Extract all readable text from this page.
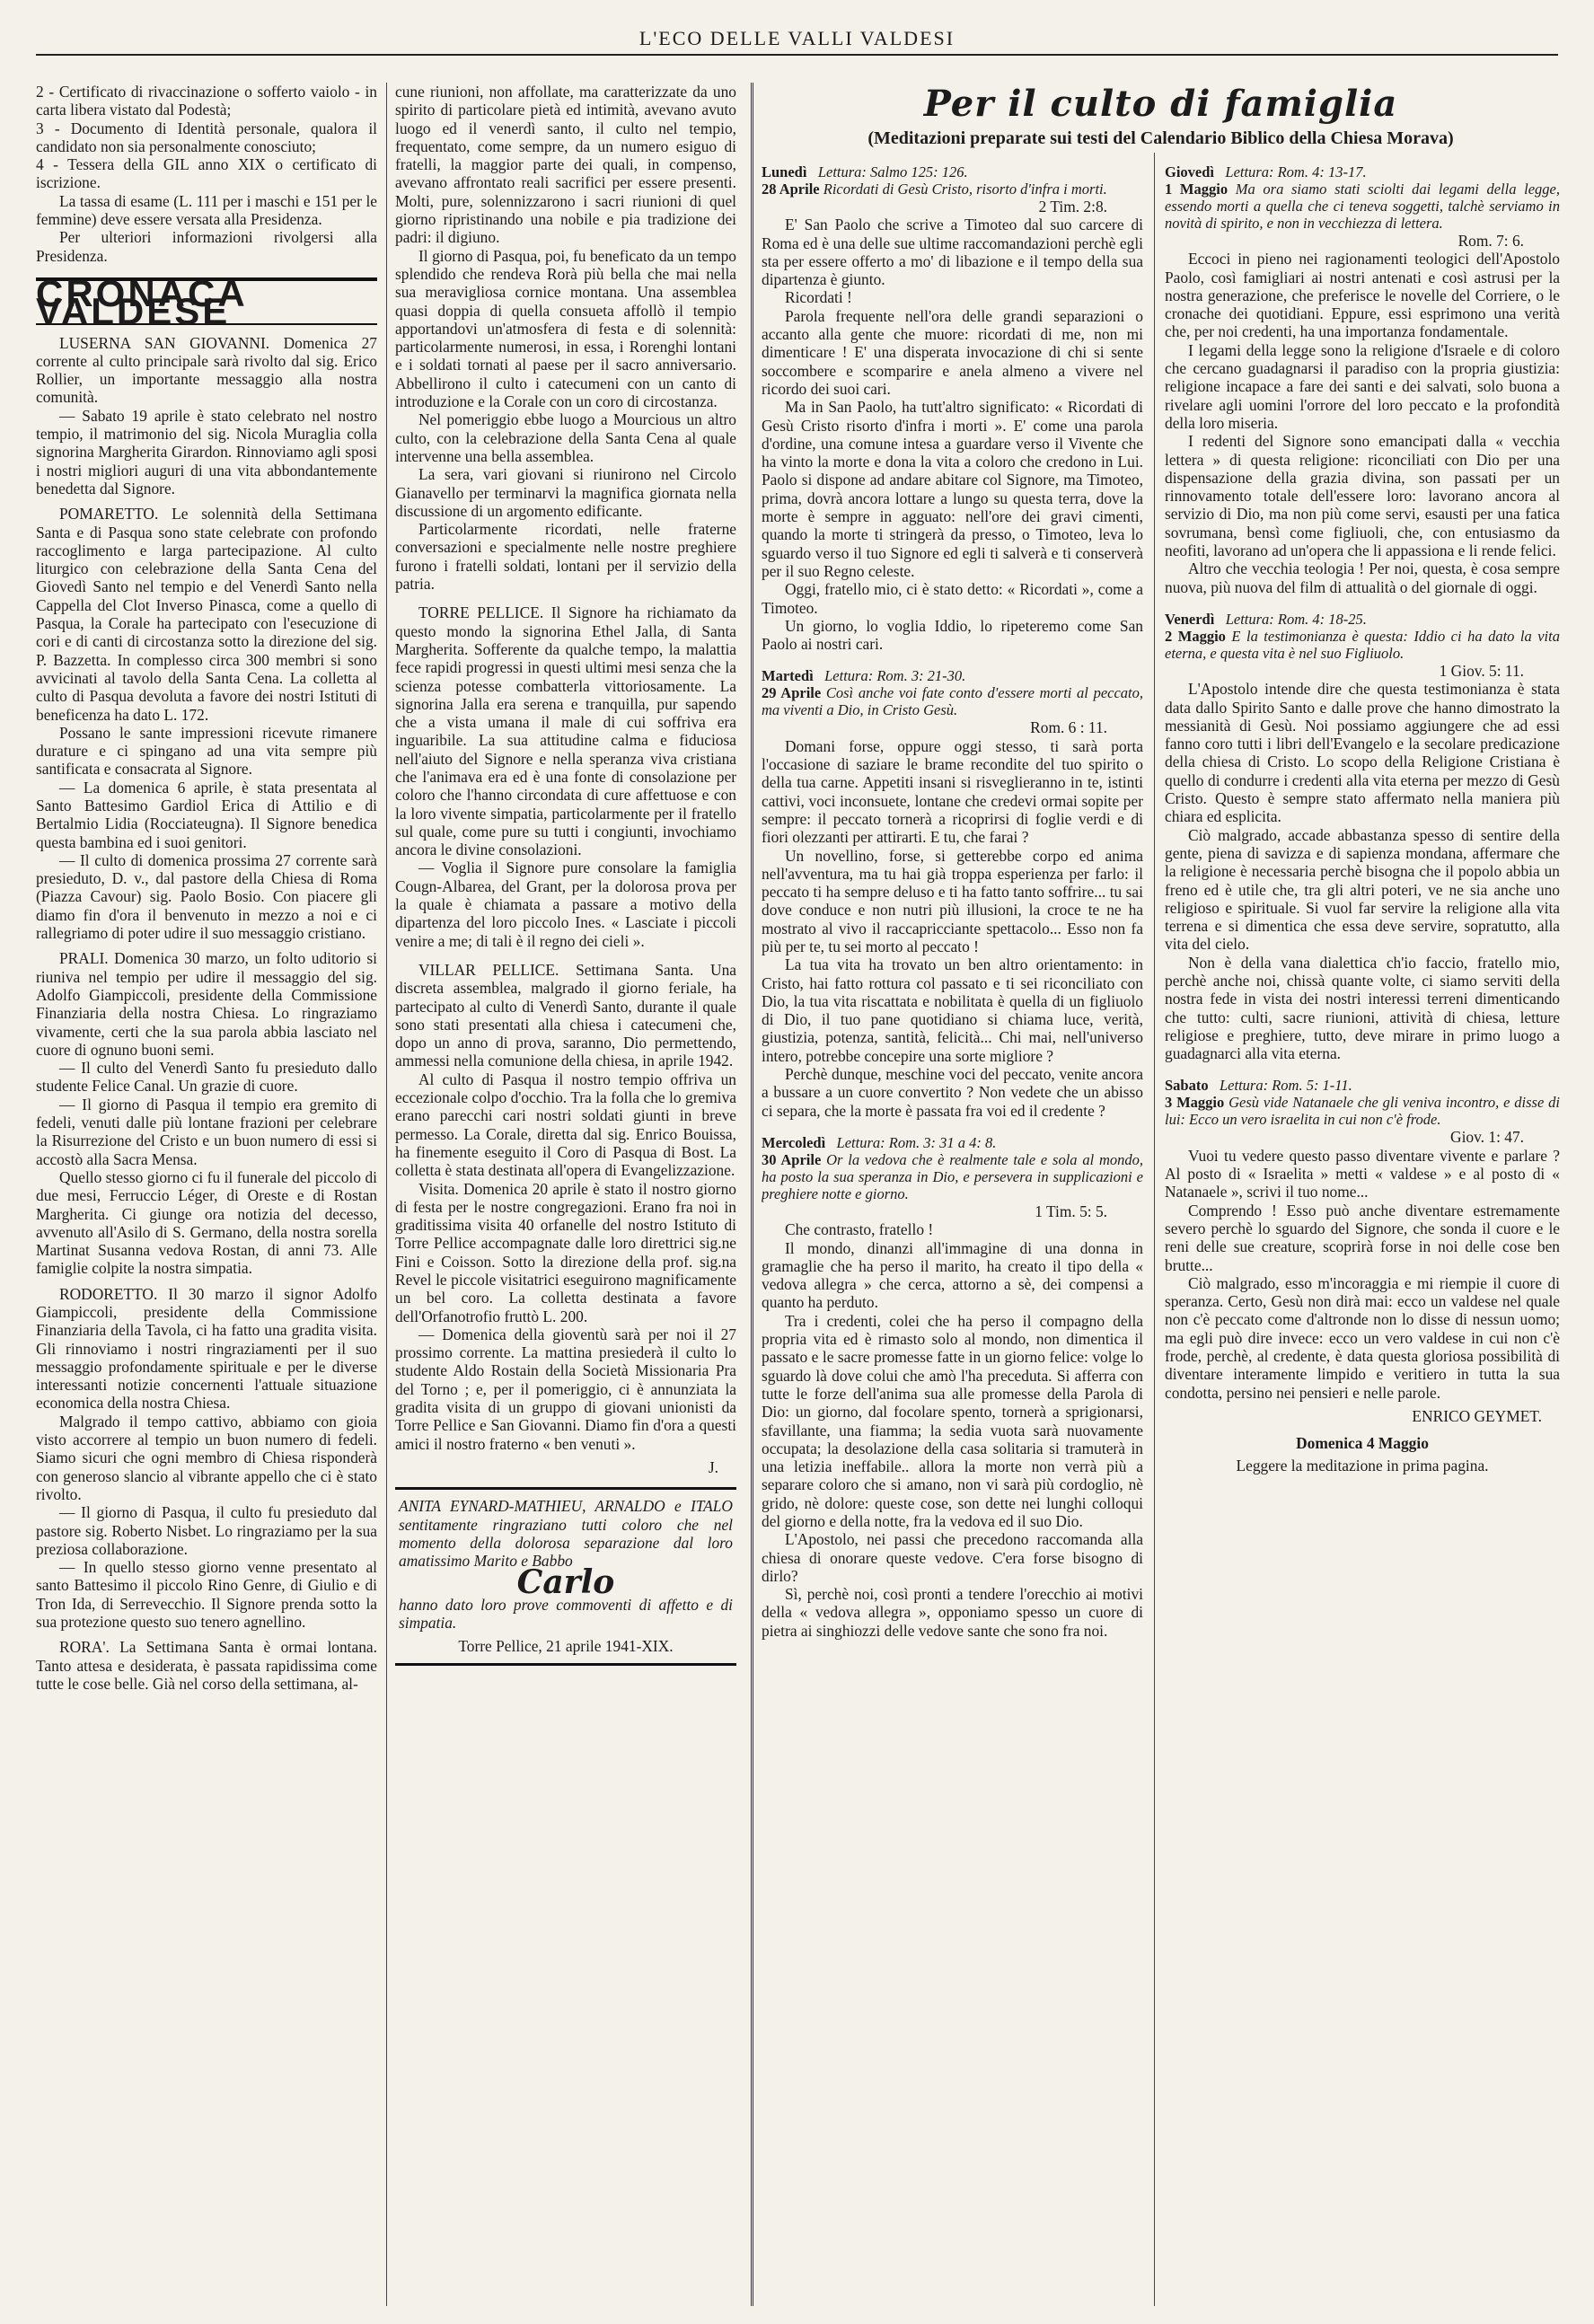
L'ECO DELLE VALLI VALDESI

2 - Certificato di rivaccinazione o sofferto vaiolo - in carta libera vistato dal Podestà;

3 - Documento di Identità personale, qualora il candidato non sia personalmente conosciuto;

4 - Tessera della GIL anno XIX o certificato di iscrizione.

La tassa di esame (L. 111 per i maschi e 151 per le femmine) deve essere versata alla Presidenza.

Per ulteriori informazioni rivolgersi alla Presidenza.

CRONACA VALDESE

LUSERNA SAN GIOVANNI. Domenica 27 corrente al culto principale sarà rivolto dal sig. Erico Rollier, un importante messaggio alla nostra comunità.

— Sabato 19 aprile è stato celebrato nel nostro tempio, il matrimonio del sig. Nicola Muraglia colla signorina Margherita Girardon. Rinnoviamo agli sposi i nostri migliori auguri di una vita abbondantemente benedetta dal Signore.

POMARETTO. Le solennità della Settimana Santa e di Pasqua sono state celebrate con profondo raccoglimento e larga partecipazione. Al culto liturgico con celebrazione della Santa Cena del Giovedì Santo nel tempio e del Venerdì Santo nella Cappella del Clot Inverso Pinasca, come a quello di Pasqua, la Corale ha partecipato con l'esecuzione di cori e di canti di circostanza sotto la direzione del sig. P. Bazzetta. In complesso circa 300 membri si sono avvicinati al tavolo della Santa Cena. La colletta al culto di Pasqua devoluta a favore dei nostri Istituti di beneficenza ha dato L. 172.

Possano le sante impressioni ricevute rimanere durature e ci spingano ad una vita sempre più santificata e consacrata al Signore.

— La domenica 6 aprile, è stata presentata al Santo Battesimo Gardiol Erica di Attilio e di Bertalmio Lidia (Rocciateugna). Il Signore benedica questa bambina ed i suoi genitori.

— Il culto di domenica prossima 27 corrente sarà presieduto, D. v., dal pastore della Chiesa di Roma (Piazza Cavour) sig. Paolo Bosio. Con piacere gli diamo fin d'ora il benvenuto in mezzo a noi e ci rallegriamo di poter udire il suo messaggio cristiano.

PRALI. Domenica 30 marzo, un folto uditorio si riuniva nel tempio per udire il messaggio del sig. Adolfo Giampiccoli, presidente della Commissione Finanziaria della nostra Chiesa. Lo ringraziamo vivamente, certi che la sua parola abbia lasciato nel cuore di ognuno buoni semi.

— Il culto del Venerdì Santo fu presieduto dallo studente Felice Canal. Un grazie di cuore.

— Il giorno di Pasqua il tempio era gremito di fedeli, venuti dalle più lontane frazioni per celebrare la Risurrezione del Cristo e un buon numero di essi si accostò alla Sacra Mensa.

Quello stesso giorno ci fu il funerale del piccolo di due mesi, Ferruccio Léger, di Oreste e di Rostan Margherita. Ci giunge ora notizia del decesso, avvenuto all'Asilo di S. Germano, della nostra sorella Martinat Susanna vedova Rostan, di anni 73. Alle famiglie colpite la nostra simpatia.

RODORETTO. Il 30 marzo il signor Adolfo Giampiccoli, presidente della Commissione Finanziaria della Tavola, ci ha fatto una gradita visita. Gli rinnoviamo i nostri ringraziamenti per il suo messaggio profondamente spirituale e per le diverse interessanti notizie concernenti l'attuale situazione economica della nostra Chiesa.

Malgrado il tempo cattivo, abbiamo con gioia visto accorrere al tempio un buon numero di fedeli. Siamo sicuri che ogni membro di Chiesa risponderà con generoso slancio al vibrante appello che ci è stato rivolto.

— Il giorno di Pasqua, il culto fu presieduto dal pastore sig. Roberto Nisbet. Lo ringraziamo per la sua preziosa collaborazione.

— In quello stesso giorno venne presentato al santo Battesimo il piccolo Rino Genre, di Giulio e di Tron Ida, di Serrevecchio. Il Signore prenda sotto la sua protezione questo suo tenero agnellino.

RORA'. La Settimana Santa è ormai lontana. Tanto attesa e desiderata, è passata rapidissima come tutte le cose belle. Già nel corso della settimana, al-

cune riunioni, non affollate, ma caratterizzate da uno spirito di particolare pietà ed intimità, avevano avuto luogo ed il venerdì santo, il culto nel tempio, frequentato, come sempre, da un numero esiguo di fratelli, la maggior parte dei quali, in compenso, avevano affrontato reali sacrifici per essere presenti. Molti, pure, solennizzarono i sacri riunioni di quel giorno ripristinando una nobile e pia tradizione dei padri: il digiuno.

Il giorno di Pasqua, poi, fu beneficato da un tempo splendido che rendeva Rorà più bella che mai nella sua meravigliosa cornice montana. Una assemblea quasi doppia di quella consueta affollò il tempio apportandovi un'atmosfera di festa e di solennità: particolarmente numerosi, in essa, i Rorenghi lontani e i soldati tornati al paese per il sacro anniversario. Abbellirono il culto i catecumeni con un canto di introduzione e la Corale con un coro di circostanza.

Nel pomeriggio ebbe luogo a Mourcious un altro culto, con la celebrazione della Santa Cena al quale intervenne una bella assemblea.

La sera, vari giovani si riunirono nel Circolo Gianavello per terminarvi la magnifica giornata nella discussione di un argomento edificante.

Particolarmente ricordati, nelle fraterne conversazioni e specialmente nelle nostre preghiere furono i fratelli soldati, lontani per il servizio della patria.

TORRE PELLICE. Il Signore ha richiamato da questo mondo la signorina Ethel Jalla, di Santa Margherita. Sofferente da qualche tempo, la malattia fece rapidi progressi in questi ultimi mesi senza che la scienza potesse combatterla vittoriosamente. La signorina Jalla era serena e tranquilla, pur sapendo che a vista umana il male di cui soffriva era inguaribile. La sua attitudine calma e fiduciosa nell'aiuto del Signore e nella speranza viva cristiana che l'animava era ed è una fonte di consolazione per coloro che l'hanno circondata di cure affettuose e con la loro vivente simpatia, particolarmente per il fratello sul quale, come pure su tutti i congiunti, invochiamo ancora le divine consolazioni.

— Voglia il Signore pure consolare la famiglia Cougn-Albarea, del Grant, per la dolorosa prova per la quale è chiamata a passare a motivo della dipartenza del loro piccolo Ines. « Lasciate i piccoli venire a me; di tali è il regno dei cieli ».

VILLAR PELLICE. Settimana Santa. Una discreta assemblea, malgrado il giorno feriale, ha partecipato al culto di Venerdì Santo, durante il quale sono stati presentati alla chiesa i catecumeni che, dopo un anno di prova, saranno, Dio permettendo, ammessi nella comunione della chiesa, in aprile 1942.

Al culto di Pasqua il nostro tempio offriva un eccezionale colpo d'occhio. Tra la folla che lo gremiva erano parecchi cari nostri soldati giunti in breve permesso. La Corale, diretta dal sig. Enrico Bouissa, ha finemente eseguito il Coro di Pasqua di Bost. La colletta è stata destinata all'opera di Evangelizzazione.

Visita. Domenica 20 aprile è stato il nostro giorno di festa per le nostre congregazioni. Erano fra noi in graditissima visita 40 orfanelle del nostro Istituto di Torre Pellice accompagnate dalle loro direttrici sig.ne Fini e Coisson. Sotto la direzione della prof. sig.na Revel le piccole visitatrici eseguirono magnificamente un bel coro. La colletta destinata a favore dell'Orfanotrofio fruttò L. 200.

— Domenica della gioventù sarà per noi il 27 prossimo corrente. La mattina presiederà il culto lo studente Aldo Rostain della Società Missionaria Pra del Torno ; e, per il pomeriggio, ci è annunziata la gradita visita di un gruppo di giovani unionisti da Torre Pellice e San Giovanni. Diamo fin d'ora a questi amici il nostro fraterno « ben venuti ».

J.
ANITA EYNARD-MATHIEU, ARNALDO e ITALO sentitamente ringraziano tutti coloro che nel momento della dolorosa separazione dal loro amatissimo Marito e Babbo
Carlo
hanno dato loro prove commoventi di affetto e di simpatia.
Torre Pellice, 21 aprile 1941-XIX.
Per il culto di famiglia
(Meditazioni preparate sui testi del Calendario Biblico della Chiesa Morava)
Lunedì Lettura: Salmo 125: 126.
28 Aprile Ricordati di Gesù Cristo, risorto d'infra i morti.
2 Tim. 2:8.

E' San Paolo che scrive a Timoteo dal suo carcere di Roma ed è una delle sue ultime raccomandazioni perchè egli sta per essere offerto a mo' di libazione e il tempo della sua dipartenza è giunto.

Ricordati !

Parola frequente nell'ora delle grandi separazioni o accanto alla gente che muore: ricordati di me, non mi dimenticare ! E' una disperata invocazione di chi si sente soccombere e scomparire e anela almeno a vivere nel ricordo dei suoi cari.

Ma in San Paolo, ha tutt'altro significato: « Ricordati di Gesù Cristo risorto d'infra i morti ». E' come una parola d'ordine, una comune intesa a guardare verso il Vivente che ha vinto la morte e dona la vita a coloro che credono in Lui. Paolo si dispone ad andare abitare col Signore, ma Timoteo, prima, dovrà ancora lottare a lungo su questa terra, dove la morte è sempre in agguato: nell'ore dei gravi cimenti, quando la morte ti stringerà da presso, o Timoteo, leva lo sguardo verso il tuo Signore ed egli ti salverà e ti conserverà per il suo Regno celeste.

Oggi, fratello mio, ci è stato detto: « Ricordati », come a Timoteo.

Un giorno, lo voglia Iddio, lo ripeteremo come San Paolo ai nostri cari.

Martedì Lettura: Rom. 3: 21-30.
29 Aprile Così anche voi fate conto d'essere morti al peccato, ma viventi a Dio, in Cristo Gesù.
Rom. 6 : 11.

Domani forse, oppure oggi stesso, ti sarà porta l'occasione di saziare le brame recondite del tuo spirito o della tua carne. Appetiti insani si risveglieranno in te, istinti cattivi, voci inconsuete, lontane che credevi ormai sopite per sempre: il peccato tornerà a ricoprirsi di foglie verdi e di fiori olezzanti per attirarti. E tu, che farai ?

Un novellino, forse, si getterebbe corpo ed anima nell'avventura, ma tu hai già troppa esperienza per farlo: il peccato ti ha sempre deluso e ti ha fatto tanto soffrire... tu sai dove conduce e non nutri più illusioni, la croce te ne ha mostrato al vivo il raccapricciante spettacolo... Esso non fa più per te, tu sei morto al peccato !

La tua vita ha trovato un ben altro orientamento: in Cristo, hai fatto rottura col passato e ti sei riconciliato con Dio, la tua vita riscattata e nobilitata è quella di un figliuolo di Dio, il tuo pane quotidiano si chiama luce, verità, giustizia, potenza, santità, felicità... Chi mai, nell'universo intero, potrebbe concepire una sorte migliore ?

Perchè dunque, meschine voci del peccato, venite ancora a bussare a un cuore convertito ? Non vedete che un abisso ci separa, che la morte è passata fra voi ed il credente ?

Mercoledì Lettura: Rom. 3: 31 a 4: 8.
30 Aprile Or la vedova che è realmente tale e sola al mondo, ha posto la sua speranza in Dio, e persevera in supplicazioni e preghiere notte e giorno.
1 Tim. 5: 5.

Che contrasto, fratello !

Il mondo, dinanzi all'immagine di una donna in gramaglie che ha perso il marito, ha creato il tipo della « vedova allegra » che cerca, attorno a sè, dei compensi a quanto ha perduto.

Tra i credenti, colei che ha perso il compagno della propria vita ed è rimasto solo al mondo, non dimentica il passato e le sacre promesse fatte in un giorno felice: volge lo sguardo là dove colui che amò l'ha preceduta. Si afferra con tutte le forze dell'anima sua alle promesse della Parola di Dio: un giorno, dal focolare spento, tornerà a sprigionarsi, sfavillante, una fiamma; la sedia vuota sarà nuovamente occupata; la desolazione della casa solitaria si tramuterà in una letizia ineffabile.. allora la morte non verrà più a separare coloro che si amano, non vi sarà più cordoglio, nè grido, nè dolore: queste cose, son dette nei lunghi colloqui del giorno e della notte, fra la vedova ed il suo Dio.

L'Apostolo, nei passi che precedono raccomanda alla chiesa di onorare queste vedove. C'era forse bisogno di dirlo?

Sì, perchè noi, così pronti a tendere l'orecchio ai motivi della « vedova allegra », opponiamo spesso un cuore di pietra ai singhiozzi delle vedove sante che sono fra noi.

Giovedì Lettura: Rom. 4: 13-17.
1 Maggio Ma ora siamo stati sciolti dai legami della legge, essendo morti a quella che ci teneva soggetti, talchè serviamo in novità di spirito, e non in vecchiezza di lettera.
Rom. 7: 6.

Eccoci in pieno nei ragionamenti teologici dell'Apostolo Paolo, così famigliari ai nostri antenati e così astrusi per la nostra generazione, che preferisce le novelle del Corriere, o le cronache dei quotidiani. Eppure, essi esprimono una verità che, per noi credenti, ha una importanza fondamentale.

I legami della legge sono la religione d'Israele e di coloro che cercano guadagnarsi il paradiso con la propria giustizia: religione incapace a fare dei santi e dei salvati, solo buona a rivelare agli uomini l'orrore del loro peccato e la profondità della loro miseria.

I redenti del Signore sono emancipati dalla « vecchia lettera » di questa religione: riconciliati con Dio per una dispensazione della grazia divina, son passati per un rinnovamento totale dell'essere loro: lavorano ancora al servizio di Dio, ma non più come servi, esausti per una fatica sovrumana, bensì come figliuoli, che, con entusiasmo da neofiti, lavorano ad un'opera che li appassiona e li rende felici.

Altro che vecchia teologia ! Per noi, questa, è cosa sempre nuova, più nuova del film di attualità o del giornale di oggi.

Venerdì Lettura: Rom. 4: 18-25.
2 Maggio E la testimonianza è questa: Iddio ci ha dato la vita eterna, e questa vita è nel suo Figliuolo.
1 Giov. 5: 11.

L'Apostolo intende dire che questa testimonianza è stata data dallo Spirito Santo e dalle prove che hanno dimostrato la messianità di Gesù. Noi possiamo aggiungere che ad essi fanno coro tutti i libri dell'Evangelo e la secolare predicazione della chiesa di Cristo. Lo scopo della Religione Cristiana è quello di condurre i credenti alla vita eterna per mezzo di Gesù Cristo. Questo è sempre stato affermato nella maniera più chiara ed esplicita.

Ciò malgrado, accade abbastanza spesso di sentire della gente, piena di savizza e di sapienza mondana, affermare che la religione è necessaria perchè bisogna che il popolo abbia un freno ed è utile che, tra gli altri poteri, ve ne sia anche uno religioso e spirituale. Si vuol far servire la religione alla vita terrena e si dimentica che essa deve servire, sopratutto, alla vita del cielo.

Non è della vana dialettica ch'io faccio, fratello mio, perchè anche noi, chissà quante volte, ci siamo serviti della nostra fede in vista dei nostri interessi terreni dimenticando che tutto: culti, sacre riunioni, attività di chiesa, letture religiose e preghiere, tutto, deve mirare in primo luogo a guadagnarci alla vita eterna.

Sabato Lettura: Rom. 5: 1-11.
3 Maggio Gesù vide Natanaele che gli veniva incontro, e disse di lui: Ecco un vero israelita in cui non c'è frode.
Giov. 1: 47.

Vuoi tu vedere questo passo diventare vivente e parlare ? Al posto di « Israelita » metti « valdese » e al posto di « Natanaele », scrivi il tuo nome...

Comprendo ! Esso può anche diventare estremamente severo perchè lo sguardo del Signore, che sonda il cuore e le reni delle sue creature, scoprirà forse in noi delle cose ben brutte...

Ciò malgrado, esso m'incoraggia e mi riempie il cuore di speranza. Certo, Gesù non dirà mai: ecco un valdese nel quale non c'è peccato come d'altronde non lo disse di nessun uomo; ma egli può dire invece: ecco un vero valdese in cui non c'è frode, perchè, al credente, è data questa gloriosa possibilità di diventare interamente limpido e veritiero in tutta la sua condotta, persino nei pensieri e nelle parole.

ENRICO GEYMET.

Domenica 4 Maggio

Leggere la meditazione in prima pagina.
